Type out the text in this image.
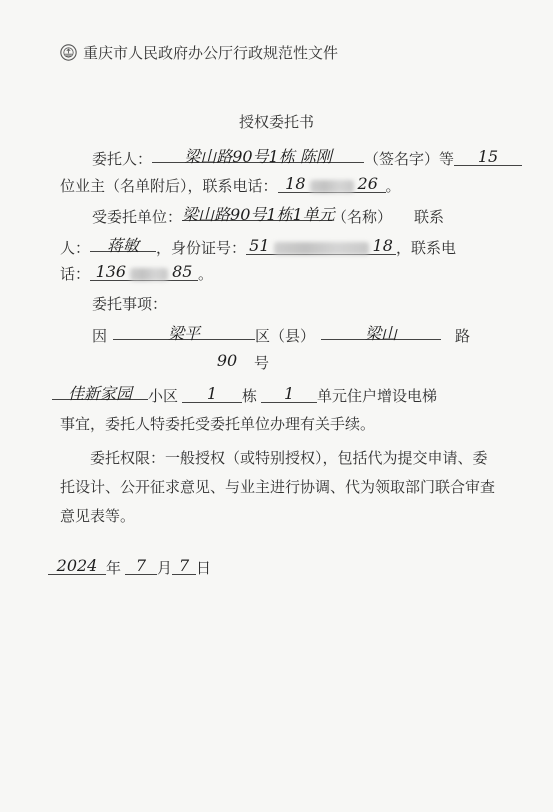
重庆市人民政府办公厅行政规范性文件
授权委托书
委托人： 梁山路90号1栋 陈刚 （签名字）等 15
位业主（名单附后），联系电话： 18	26 。
受委托单位：梁山路90号1栋1单元（名称） 联系
人： 蒋敏 ，身份证号： 51	18 ，联系电
话： 136	85 。
委托事项：
因	梁平	区（县）	梁山	路
90 号
佳新家园 小区 1 栋 1 单元住户增设电梯
事宜，委托人特委托受委托单位办理有关手续。
委托权限：一般授权（或特别授权），包括代为提交申请、委托设计、公开征求意见、与业主进行协调、代为领取部门联合审查意见表等。
2024 年 7 月 7 日
